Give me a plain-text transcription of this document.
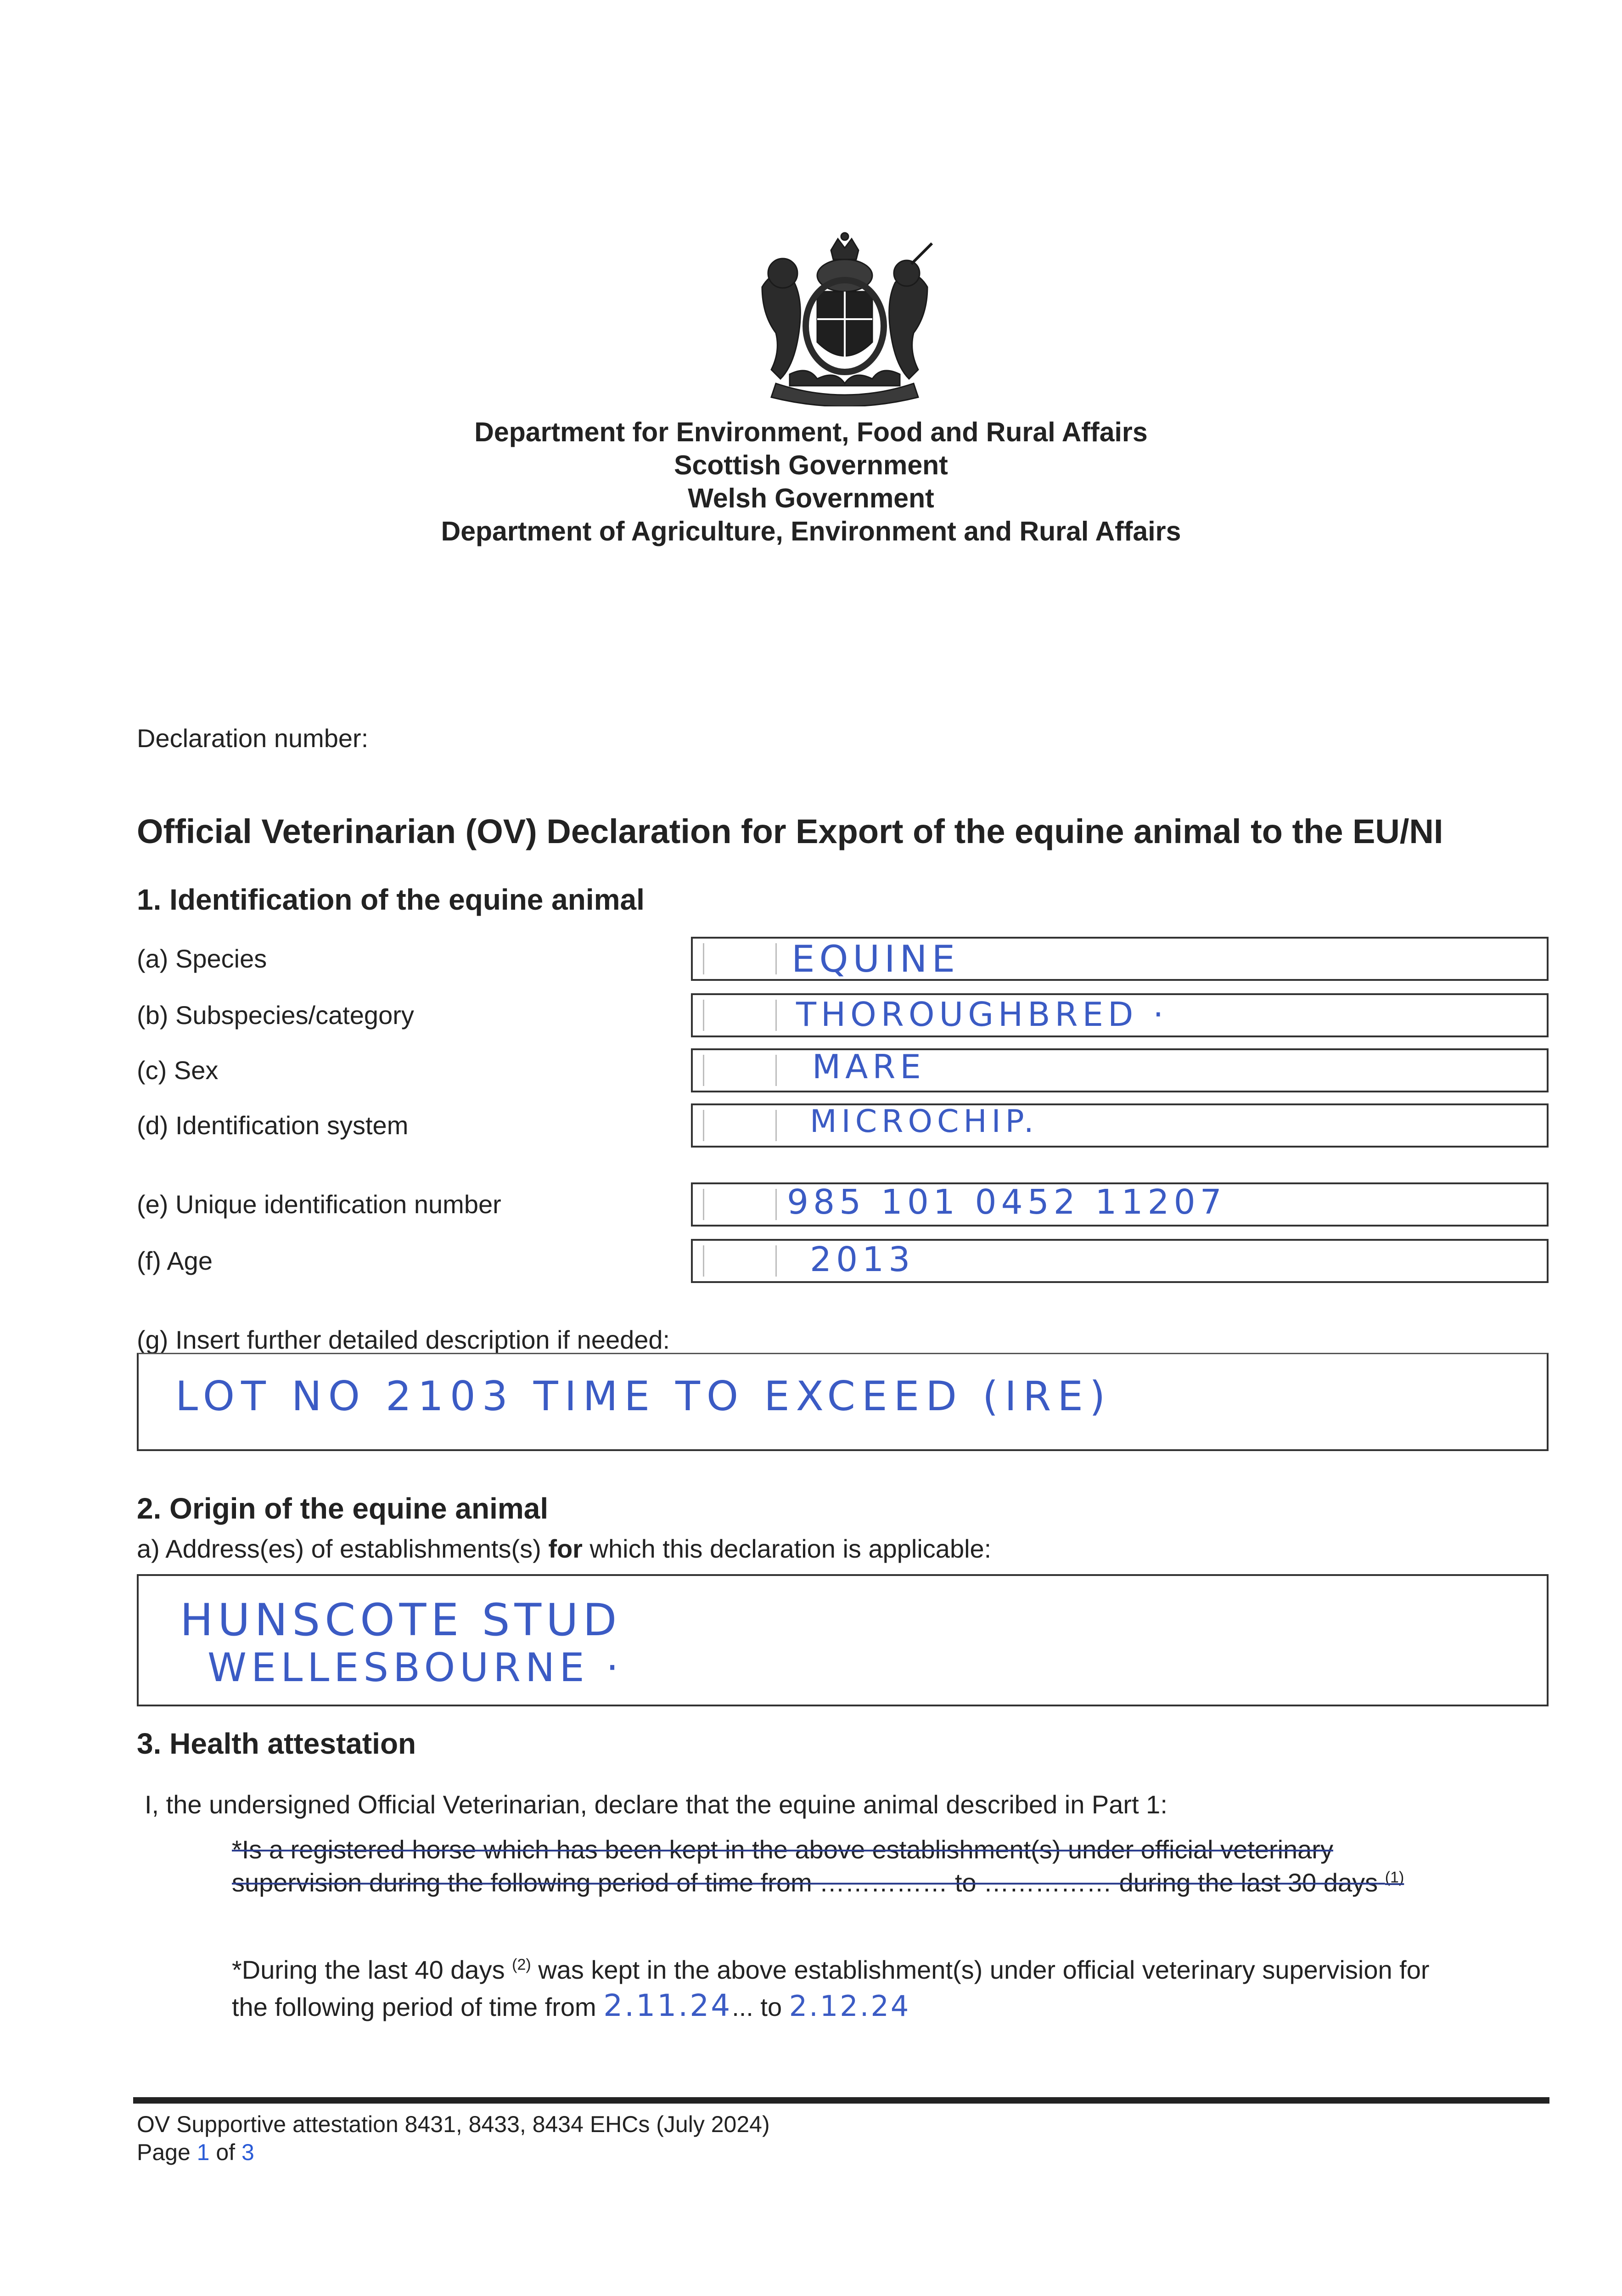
Department for Environment, Food and Rural Affairs
Scottish Government
Welsh Government
Department of Agriculture, Environment and Rural Affairs
Declaration number:
Official Veterinarian (OV) Declaration for Export of the equine animal to the EU/NI
1. Identification of the equine animal
(a) Species	EQUINE
(b) Subspecies/category	THOROUGHBRED ·
(c) Sex	MARE
(d) Identification system	MICROCHIP.
(e) Unique identification number	985 101 0452 11207
(f) Age	2013
(g) Insert further detailed description if needed:
LOT NO 2103 TIME TO EXCEED (IRE)
2. Origin of the equine animal
a) Address(es) of establishments(s) for which this declaration is applicable:
HUNSCOTE STUD
WELLESBOURNE ·
3. Health attestation
I, the undersigned Official Veterinarian, declare that the equine animal described in Part 1:
*Is a registered horse which has been kept in the above establishment(s) under official veterinary
supervision during the following period of time from …………… to …………… during the last 30 days $^{(1)}$
*During the last 40 days $^{(2)}$ was kept in the above establishment(s) under official veterinary supervision for
the following period of time from 2.11.24... to 2.12.24
OV Supportive attestation 8431, 8433, 8434 EHCs (July 2024)
Page 1 of 3
